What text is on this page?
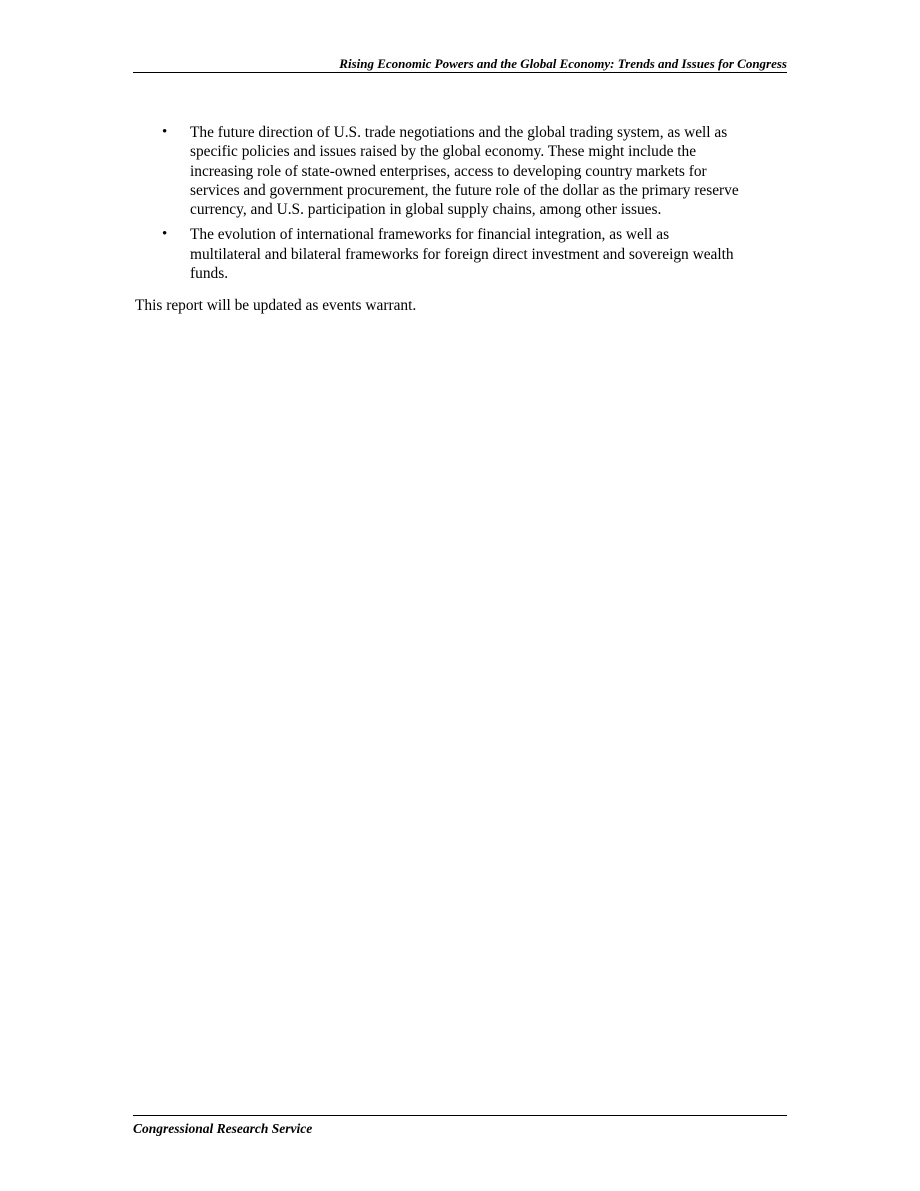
Rising Economic Powers and the Global Economy: Trends and Issues for Congress
• The future direction of U.S. trade negotiations and the global trading system, as well as specific policies and issues raised by the global economy. These might include the increasing role of state-owned enterprises, access to developing country markets for services and government procurement, the future role of the dollar as the primary reserve currency, and U.S. participation in global supply chains, among other issues.
• The evolution of international frameworks for financial integration, as well as multilateral and bilateral frameworks for foreign direct investment and sovereign wealth funds.

This report will be updated as events warrant.

Congressional Research Service
